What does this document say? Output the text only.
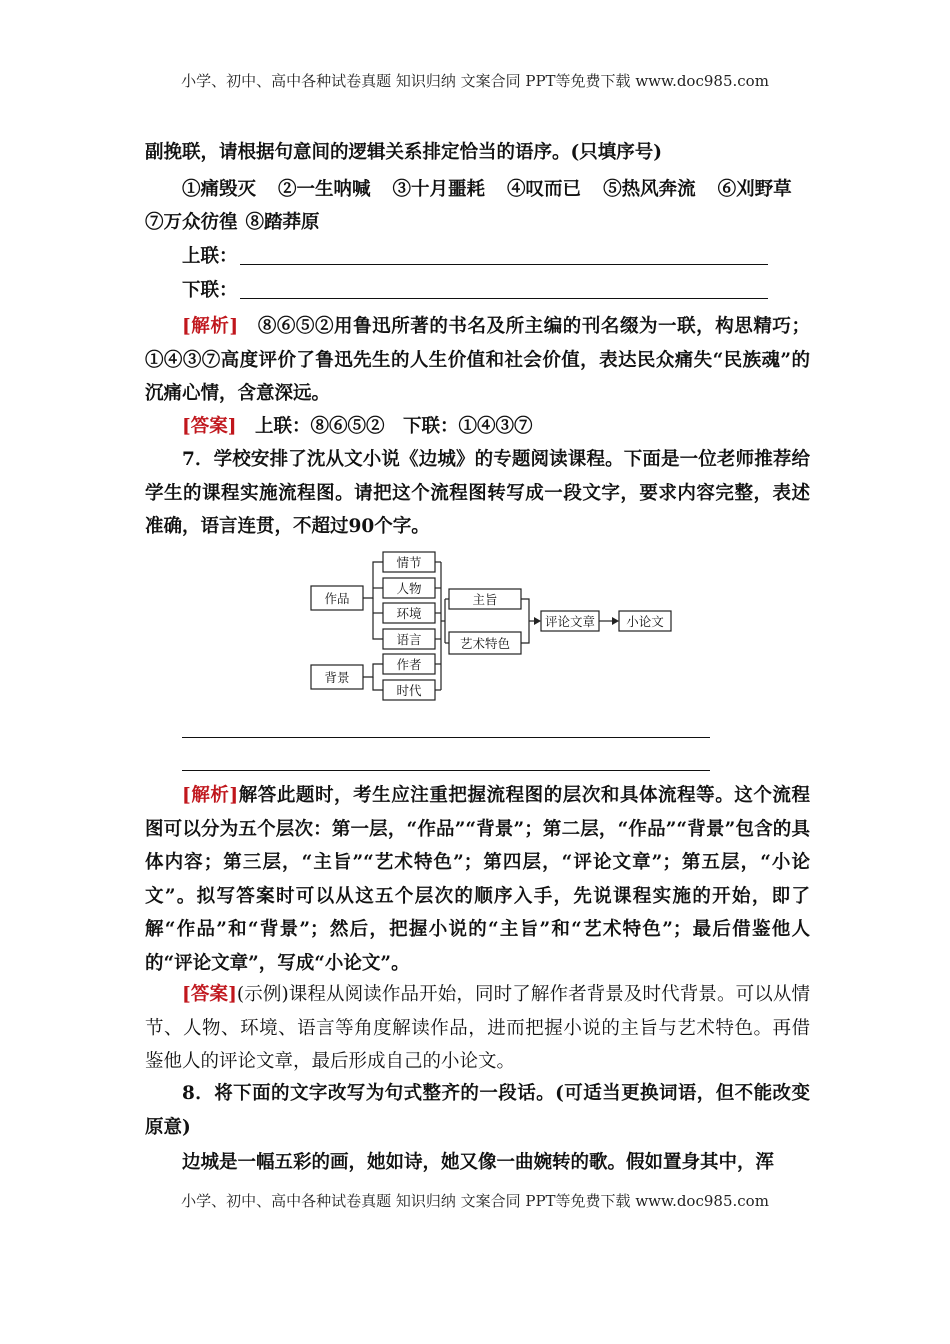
小学、初中、高中各种试卷真题 知识归纳 文案合同 PPT等免费下载 www.doc985.com

副挽联，请根据句意间的逻辑关系排定恰当的语序。(只填序号)

①痛毁灭 ②一生呐喊 ③十月噩耗 ④叹而已 ⑤热风奔流 ⑥刈野草
⑦万众彷徨 ⑧踏莽原
上联：
下联：

[解析]　 ⑧⑥⑤②用鲁迅所著的书名及所主编的刊名缀为一联，构思精巧；①④③⑦高度评价了鲁迅先生的人生价值和社会价值，表达民众痛失“民族魂”的沉痛心情，含意深远。

[答案]　 上联：⑧⑥⑤②　下联：①④③⑦

7．学校安排了沈从文小说《边城》的专题阅读课程。下面是一位老师推荐给学生的课程实施流程图。请把这个流程图转写成一段文字，要求内容完整，表述准确，语言连贯，不超过90个字。

作品
背景
情节
人物
环境
语言
作者
时代
主旨
艺术特色
评论文章 小论文

[解析]解答此题时，考生应注重把握流程图的层次和具体流程等。这个流程图可以分为五个层次：第一层，“作品”“背景”；第二层，“作品”“背景”包含的具体内容；第三层，“主旨”“艺术特色”；第四层，“评论文章”；第五层，“小论文”。拟写答案时可以从这五个层次的顺序入手，先说课程实施的开始，即了解“作品”和“背景”；然后，把握小说的“主旨”和“艺术特色”；最后借鉴他人的“评论文章”，写成“小论文”。

[答案](示例)课程从阅读作品开始，同时了解作者背景及时代背景。可以从情节、人物、环境、语言等角度解读作品，进而把握小说的主旨与艺术特色。再借鉴他人的评论文章，最后形成自己的小论文。

8．将下面的文字改写为句式整齐的一段话。(可适当更换词语，但不能改变原意)

边城是一幅五彩的画，她如诗，她又像一曲婉转的歌。假如置身其中，浑

小学、初中、高中各种试卷真题 知识归纳 文案合同 PPT等免费下载 www.doc985.com
